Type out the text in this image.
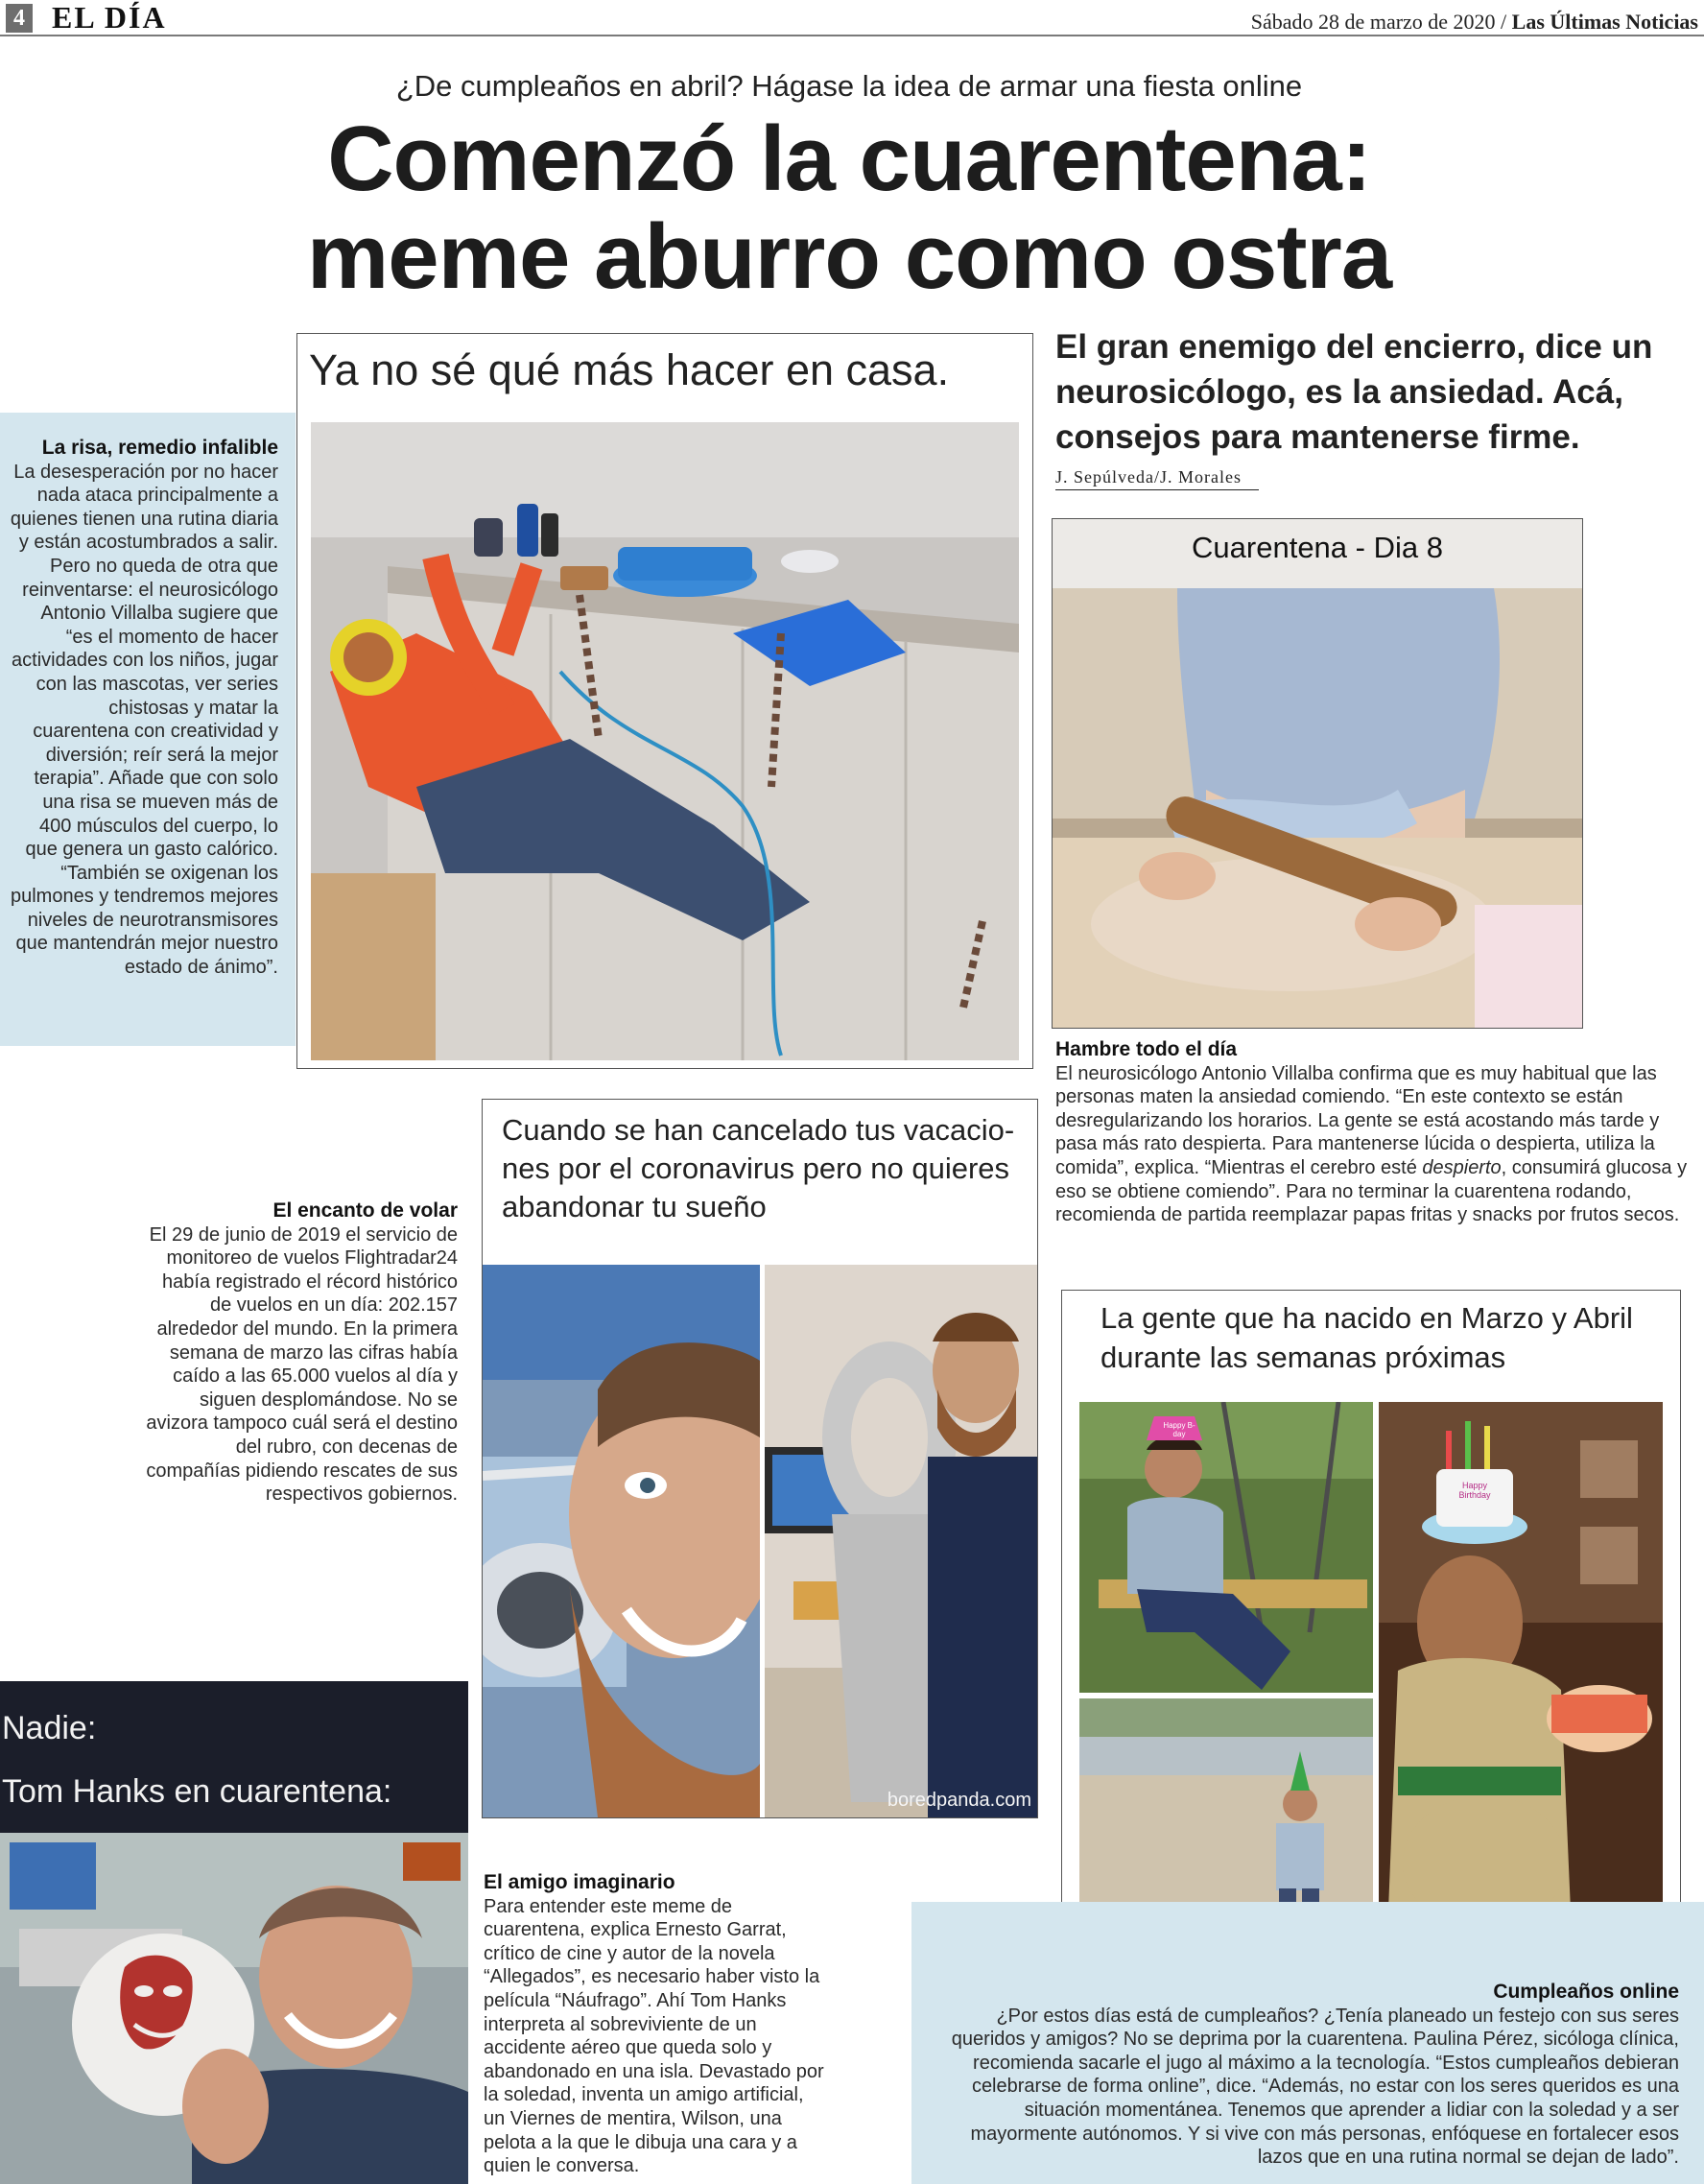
4 EL DÍA	Sábado 28 de marzo de 2020 / Las Últimas Noticias
¿De cumpleaños en abril? Hágase la idea de armar una fiesta online
Comenzó la cuarentena:
meme aburro como ostra
La risa, remedio infalible
La desesperación por no hacer nada ataca principalmente a quienes tienen una rutina diaria y están acostumbrados a salir. Pero no queda de otra que reinventarse: el neurosicólogo Antonio Villalba sugiere que “es el momento de hacer actividades con los niños, jugar con las mascotas, ver series chistosas y matar la cuarentena con creatividad y diversión; reír será la mejor terapia”. Añade que con solo una risa se mueven más de 400 músculos del cuerpo, lo que genera un gasto calórico. “También se oxigenan los pulmones y tendremos mejores niveles de neurotransmisores que mantendrán mejor nuestro estado de ánimo”.
Ya no sé qué más hacer en casa.	El gran enemigo del encierro, dice un neurosicólogo, es la ansiedad. Acá, consejos para mantenerse firme.
J. Sepúlveda/J. Morales
Cuarentena - Dia 8
Hambre todo el día
El neurosicólogo Antonio Villalba confirma que es muy habitual que las personas maten la ansiedad comiendo. “En este contexto se están desregularizando los horarios. La gente se está acostando más tarde y pasa más rato despierta. Para mantenerse lúcida o despierta, utiliza la comida”, explica. “Mientras el cerebro esté despierto, consumirá glucosa y eso se obtiene comiendo”. Para no terminar la cuarentena rodando, recomienda de partida reemplazar papas fritas y snacks por frutos secos.
El encanto de volar
El 29 de junio de 2019 el servicio de monitoreo de vuelos Flightradar24 había registrado el récord histórico de vuelos en un día: 202.157 alrededor del mundo. En la primera semana de marzo las cifras había caído a las 65.000 vuelos al día y siguen desplomándose. No se avizora tampoco cuál será el destino del rubro, con decenas de compañías pidiendo rescates de sus respectivos gobiernos.
Cuando se han cancelado tus vacacio-
nes por el coronavirus pero no quieres
abandonar tu sueño
boredpanda.com
La gente que ha nacido en Marzo y Abril
durante las semanas próximas
Happy Birthday
Happy B-day
Nadie:
Tom Hanks en cuarentena:
El amigo imaginario
Para entender este meme de cuarentena, explica Ernesto Garrat, crítico de cine y autor de la novela “Allegados”, es necesario haber visto la película “Náufrago”. Ahí Tom Hanks interpreta al sobreviviente de un accidente aéreo que queda solo y abandonado en una isla. Devastado por la soledad, inventa un amigo artificial, un Viernes de mentira, Wilson, una pelota a la que le dibuja una cara y a quien le conversa.
Cumpleaños online
¿Por estos días está de cumpleaños? ¿Tenía planeado un festejo con sus seres queridos y amigos? No se deprima por la cuarentena. Paulina Pérez, sicóloga clínica, recomienda sacarle el jugo al máximo a la tecnología. “Estos cumpleaños debieran celebrarse de forma online”, dice. “Además, no estar con los seres queridos es una situación momentánea. Tenemos que aprender a lidiar con la soledad y a ser mayormente autónomos. Y si vive con más personas, enfóquese en fortalecer esos lazos que en una rutina normal se dejan de lado”.
